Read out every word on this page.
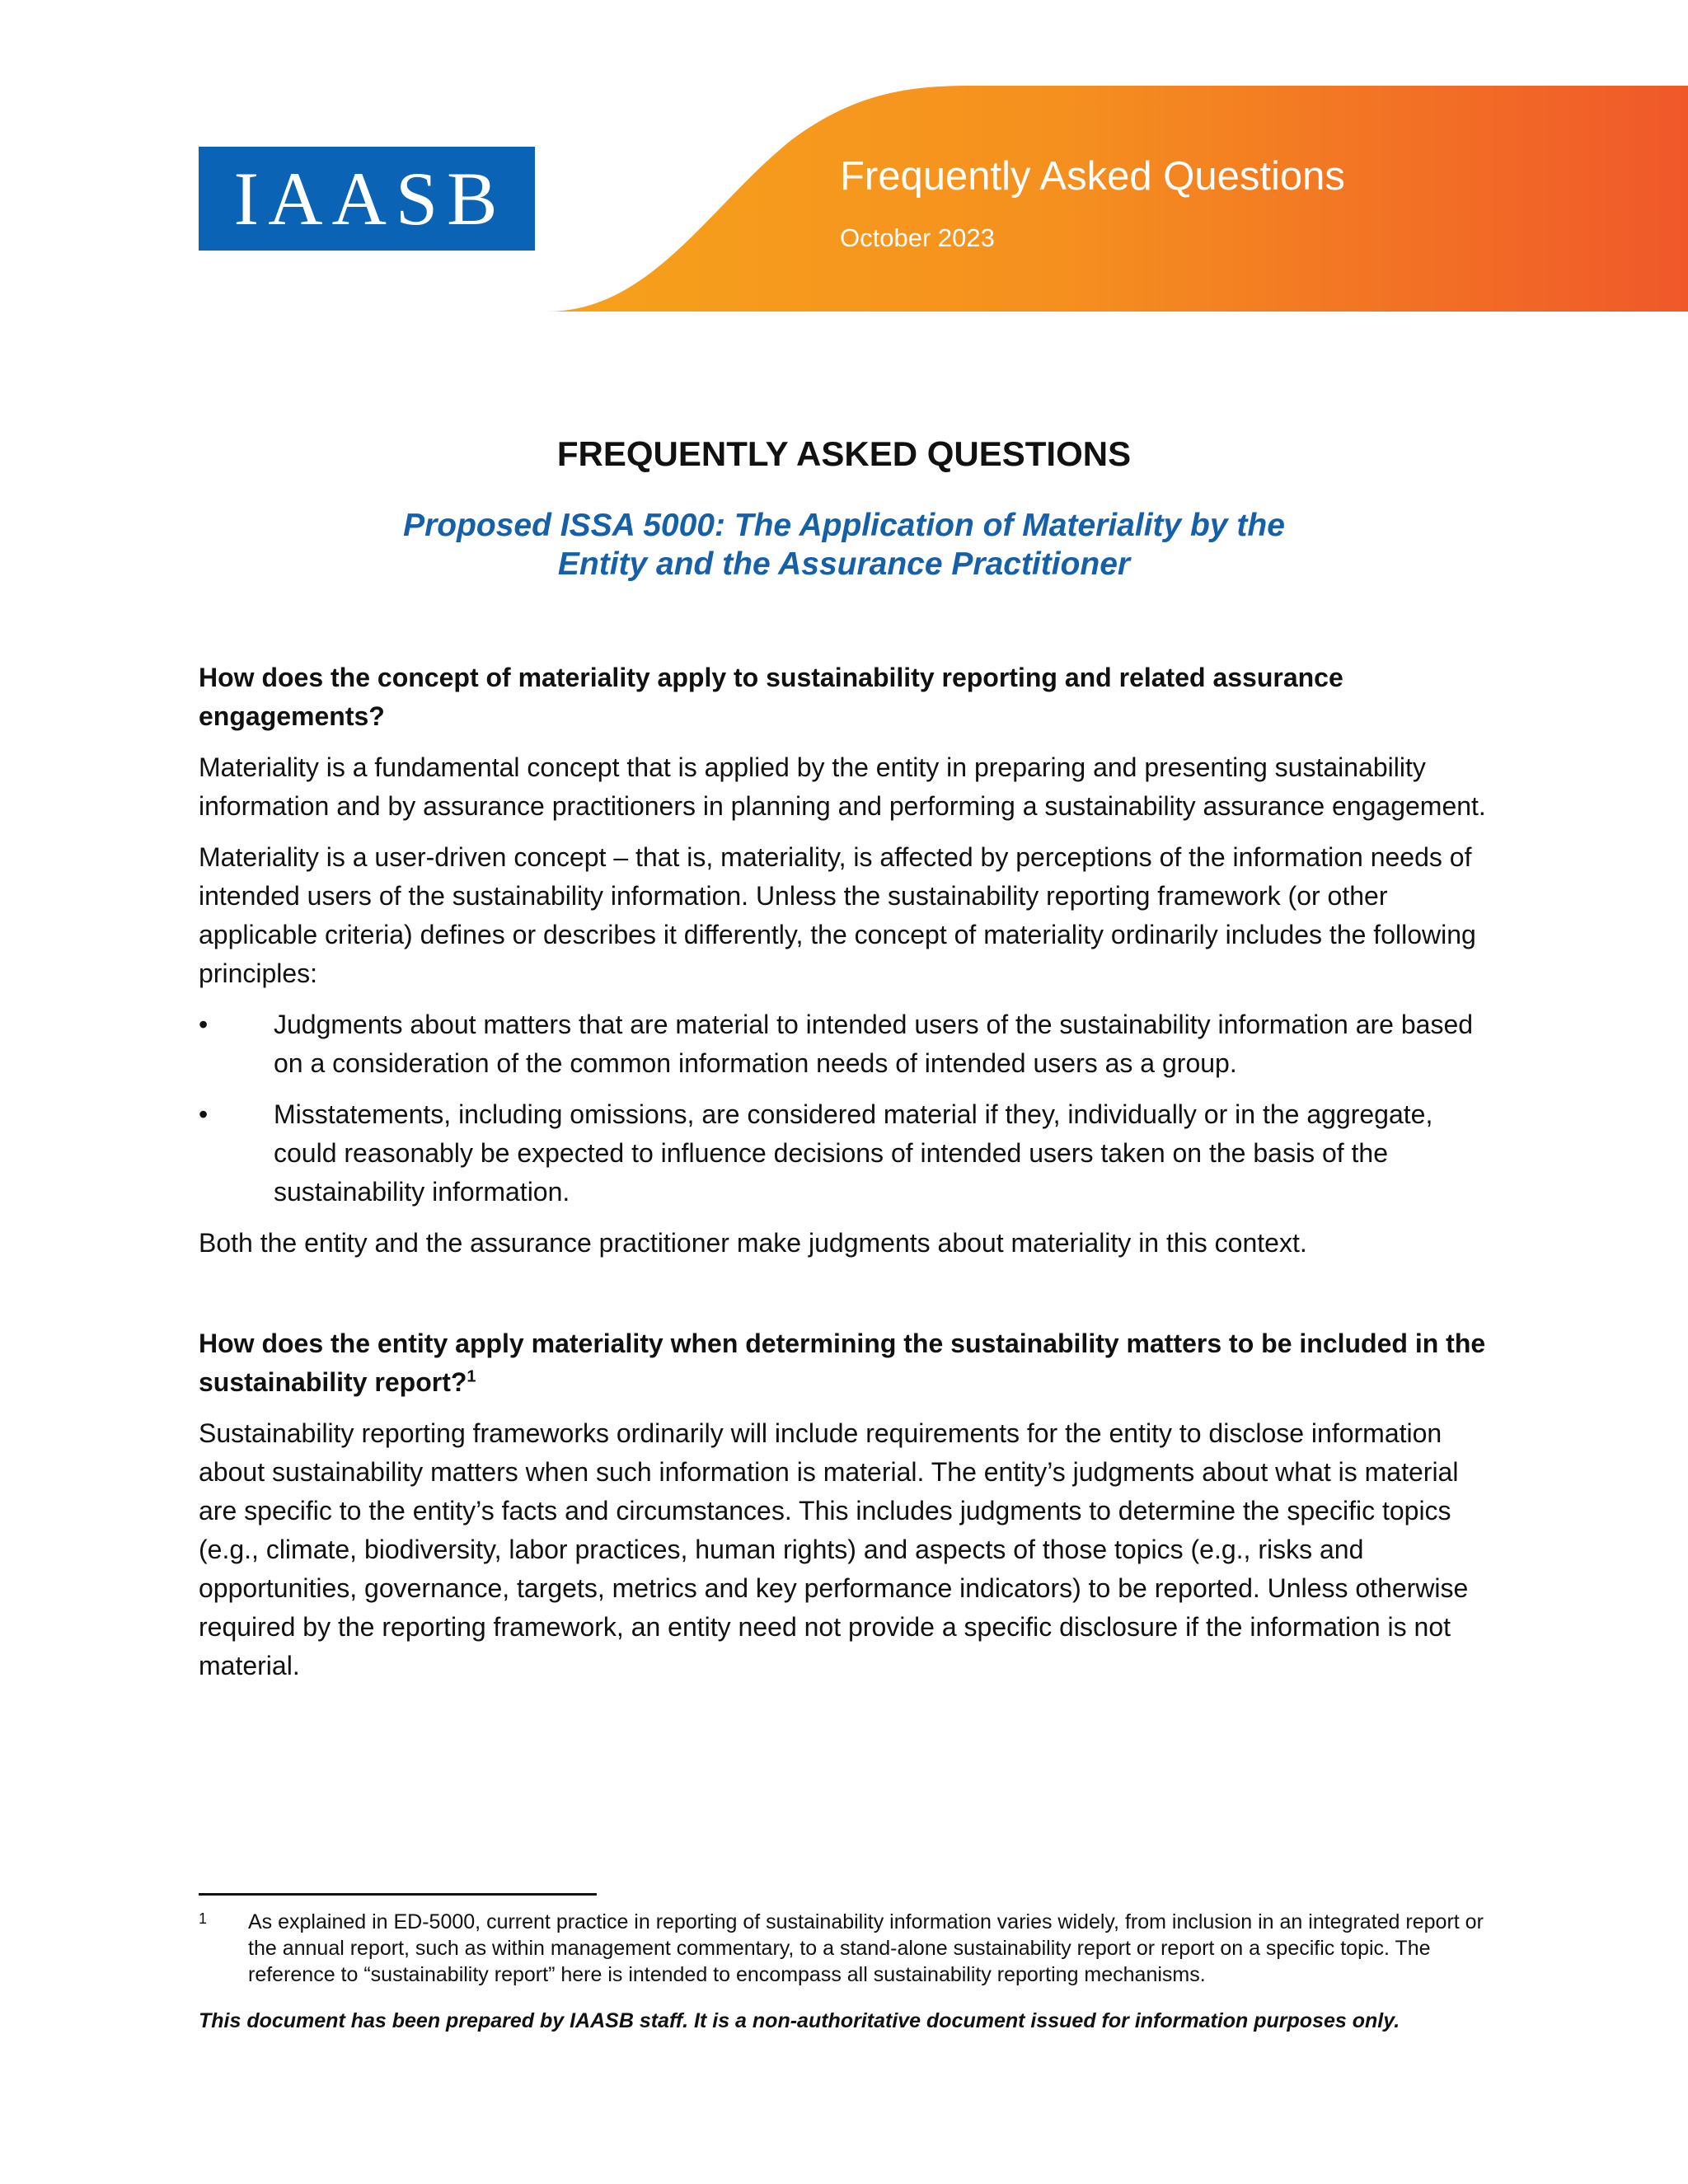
IAASB	Frequently Asked Questions
October 2023
FREQUENTLY ASKED QUESTIONS
Proposed ISSA 5000: The Application of Materiality by the
Entity and the Assurance Practitioner
How does the concept of materiality apply to sustainability reporting and related assurance engagements?
Materiality is a fundamental concept that is applied by the entity in preparing and presenting sustainability information and by assurance practitioners in planning and performing a sustainability assurance engagement.
Materiality is a user-driven concept – that is, materiality, is affected by perceptions of the information needs of intended users of the sustainability information. Unless the sustainability reporting framework (or other applicable criteria) defines or describes it differently, the concept of materiality ordinarily includes the following principles:
• Judgments about matters that are material to intended users of the sustainability information are based on a consideration of the common information needs of intended users as a group.
• Misstatements, including omissions, are considered material if they, individually or in the aggregate, could reasonably be expected to influence decisions of intended users taken on the basis of the sustainability information.
Both the entity and the assurance practitioner make judgments about materiality in this context.
How does the entity apply materiality when determining the sustainability matters to be included in the sustainability report?$^1$
Sustainability reporting frameworks ordinarily will include requirements for the entity to disclose information about sustainability matters when such information is material. The entity’s judgments about what is material are specific to the entity’s facts and circumstances. This includes judgments to determine the specific topics (e.g., climate, biodiversity, labor practices, human rights) and aspects of those topics (e.g., risks and opportunities, governance, targets, metrics and key performance indicators) to be reported. Unless otherwise required by the reporting framework, an entity need not provide a specific disclosure if the information is not material.
1 As explained in ED-5000, current practice in reporting of sustainability information varies widely, from inclusion in an integrated report or the annual report, such as within management commentary, to a stand-alone sustainability report or report on a specific topic. The reference to “sustainability report” here is intended to encompass all sustainability reporting mechanisms.
This document has been prepared by IAASB staff. It is a non-authoritative document issued for information purposes only.
